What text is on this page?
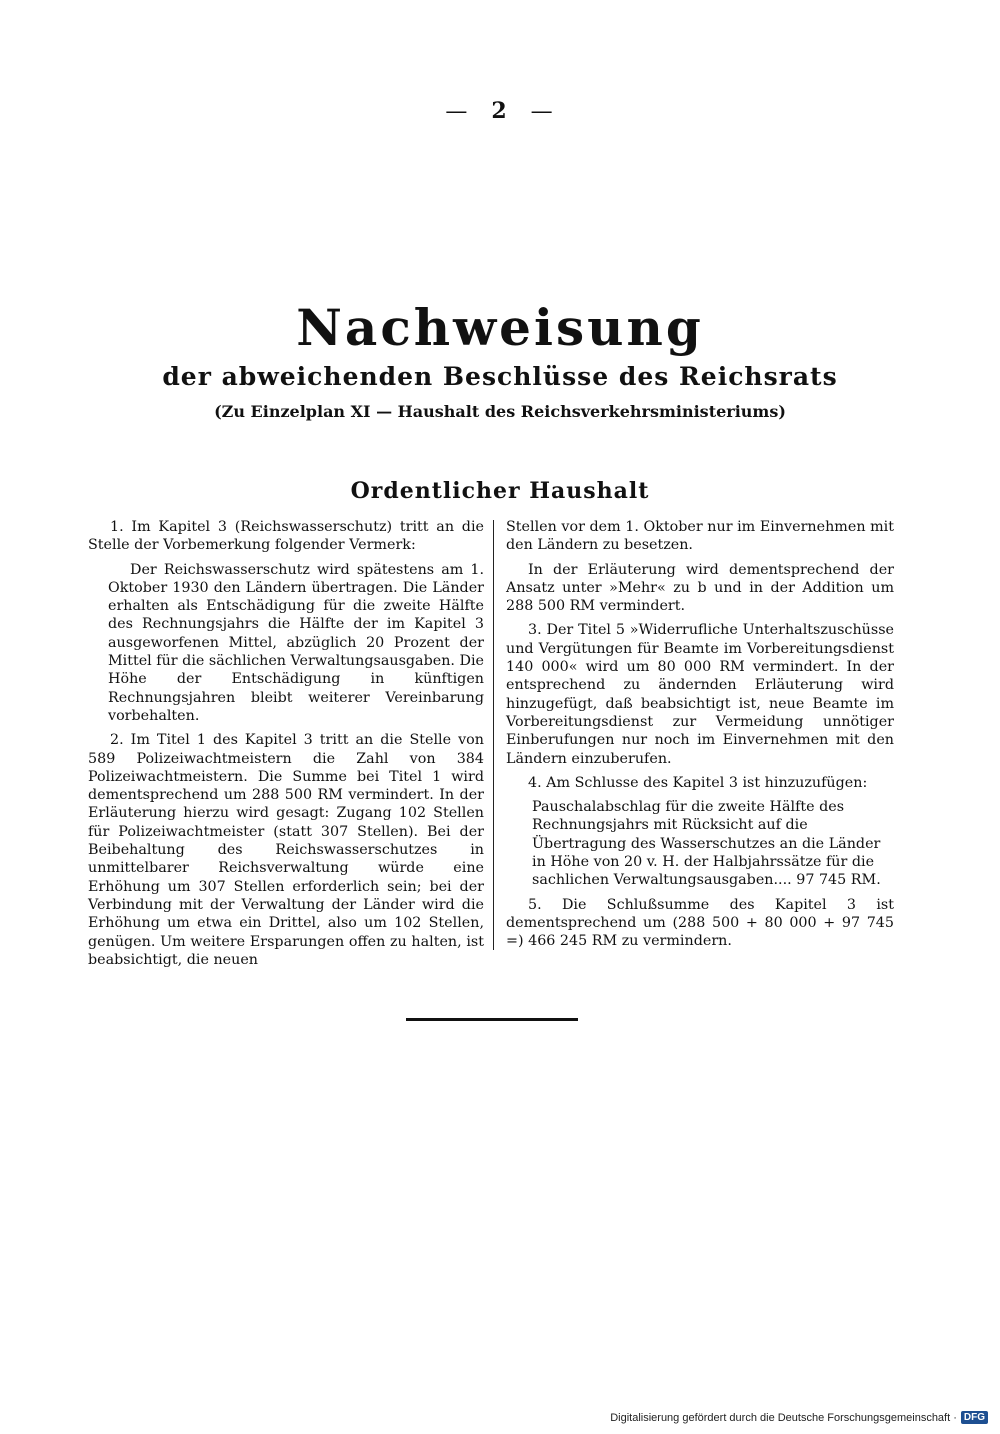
— 2 —
Nachweisung
der abweichenden Beschlüsse des Reichsrats
(Zu Einzelplan XI — Haushalt des Reichsverkehrsministeriums)
Ordentlicher Haushalt

1. Im Kapitel 3 (Reichswasserschutz) tritt an die Stelle der Vorbemerkung folgender Vermerk:

Der Reichswasserschutz wird spätestens am 1. Oktober 1930 den Ländern übertragen. Die Länder erhalten als Entschädigung für die zweite Hälfte des Rechnungsjahrs die Hälfte der im Kapitel 3 ausgeworfenen Mittel, abzüglich 20 Prozent der Mittel für die sächlichen Verwaltungsausgaben. Die Höhe der Entschädigung in künftigen Rechnungsjahren bleibt weiterer Vereinbarung vorbehalten.

2. Im Titel 1 des Kapitel 3 tritt an die Stelle von 589 Polizeiwachtmeistern die Zahl von 384 Polizeiwachtmeistern. Die Summe bei Titel 1 wird dementsprechend um 288 500 RM vermindert. In der Erläuterung hierzu wird gesagt: Zugang 102 Stellen für Polizeiwachtmeister (statt 307 Stellen). Bei der Beibehaltung des Reichswasserschutzes in unmittelbarer Reichsverwaltung würde eine Erhöhung um 307 Stellen erforderlich sein; bei der Verbindung mit der Verwaltung der Länder wird die Erhöhung um etwa ein Drittel, also um 102 Stellen, genügen. Um weitere Ersparungen offen zu halten, ist beabsichtigt, die neuen

Stellen vor dem 1. Oktober nur im Einvernehmen mit den Ländern zu besetzen.

In der Erläuterung wird dementsprechend der Ansatz unter »Mehr« zu b und in der Addition um 288 500 RM vermindert.

3. Der Titel 5 »Widerrufliche Unterhaltszuschüsse und Vergütungen für Beamte im Vorbereitungsdienst 140 000« wird um 80 000 RM vermindert. In der entsprechend zu ändernden Erläuterung wird hinzugefügt, daß beabsichtigt ist, neue Beamte im Vorbereitungsdienst zur Vermeidung unnötiger Einberufungen nur noch im Einvernehmen mit den Ländern einzuberufen.

4. Am Schlusse des Kapitel 3 ist hinzuzufügen:

Pauschalabschlag für die zweite Hälfte des Rechnungsjahrs mit Rücksicht auf die Übertragung des Wasserschutzes an die Länder in Höhe von 20 v. H. der Halbjahrssätze für die sachlichen Verwaltungsausgaben.... 97 745 RM.

5. Die Schlußsumme des Kapitel 3 ist dementsprechend um (288 500 + 80 000 + 97 745 =) 466 245 RM zu vermindern.

Digitalisierung gefördert durch die Deutsche Forschungsgemeinschaft · DFG
